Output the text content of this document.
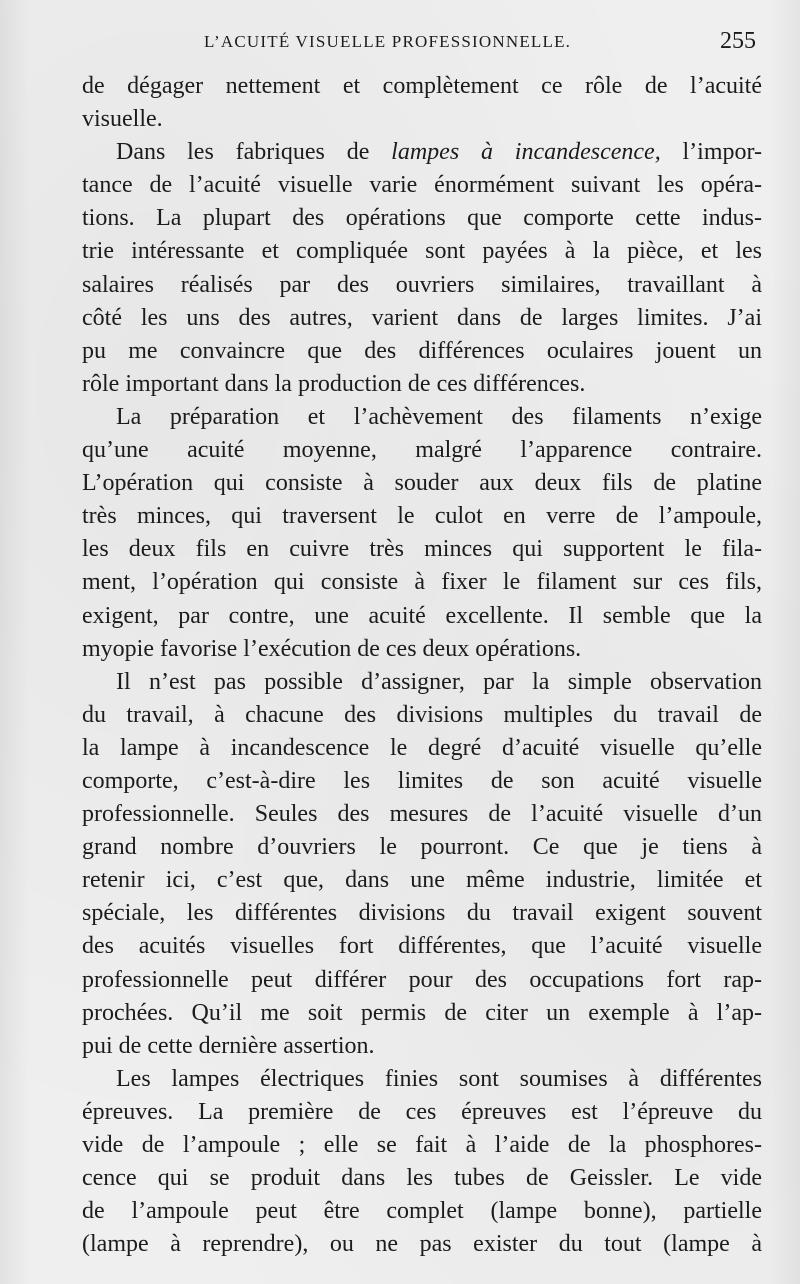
L’ACUITÉ VISUELLE PROFESSIONNELLE.	255
de dégager nettement et complètement ce rôle de l’acuité
visuelle.
Dans les fabriques de lampes à incandescence, l’impor-
tance de l’acuité visuelle varie énormément suivant les opéra-
tions. La plupart des opérations que comporte cette indus-
trie intéressante et compliquée sont payées à la pièce, et les
salaires réalisés par des ouvriers similaires, travaillant à
côté les uns des autres, varient dans de larges limites. J’ai
pu me convaincre que des différences oculaires jouent un
rôle important dans la production de ces différences.
La préparation et l’achèvement des filaments n’exige
qu’une acuité moyenne, malgré l’apparence contraire.
L’opération qui consiste à souder aux deux fils de platine
très minces, qui traversent le culot en verre de l’ampoule,
les deux fils en cuivre très minces qui supportent le fila-
ment, l’opération qui consiste à fixer le filament sur ces fils,
exigent, par contre, une acuité excellente. Il semble que la
myopie favorise l’exécution de ces deux opérations.
Il n’est pas possible d’assigner, par la simple observation
du travail, à chacune des divisions multiples du travail de
la lampe à incandescence le degré d’acuité visuelle qu’elle
comporte, c’est-à-dire les limites de son acuité visuelle
professionnelle. Seules des mesures de l’acuité visuelle d’un
grand nombre d’ouvriers le pourront. Ce que je tiens à
retenir ici, c’est que, dans une même industrie, limitée et
spéciale, les différentes divisions du travail exigent souvent
des acuités visuelles fort différentes, que l’acuité visuelle
professionnelle peut différer pour des occupations fort rap-
prochées. Qu’il me soit permis de citer un exemple à l’ap-
pui de cette dernière assertion.
Les lampes électriques finies sont soumises à différentes
épreuves. La première de ces épreuves est l’épreuve du
vide de l’ampoule ; elle se fait à l’aide de la phosphores-
cence qui se produit dans les tubes de Geissler. Le vide
de l’ampoule peut être complet (lampe bonne), partielle
(lampe à reprendre), ou ne pas exister du tout (lampe à
